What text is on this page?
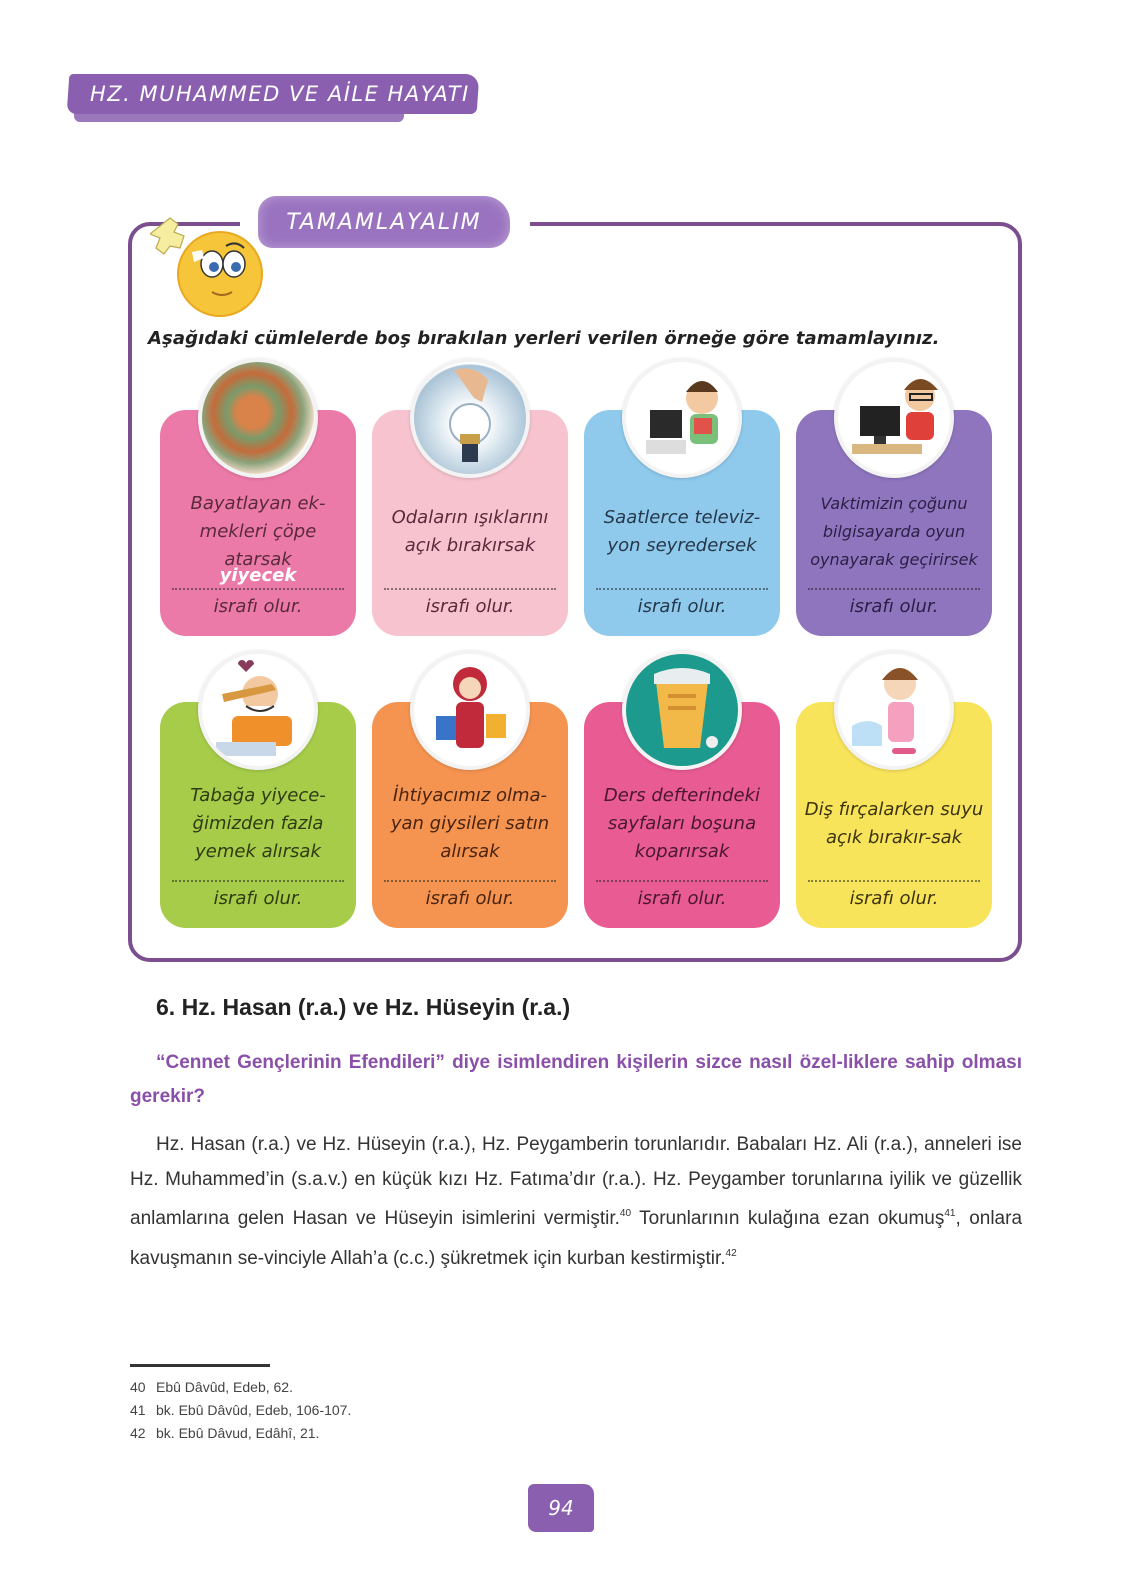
HZ. MUHAMMED VE AİLE HAYATI
TAMAMLAYALIM
Aşağıdaki cümlelerde boş bırakılan yerleri verilen örneğe göre tamamlayınız.
Bayatlayan ek-mekleri çöpe atarsak
yiyecek
israfı olur.
Odaların ışıklarını açık bırakırsak
israfı olur.
Saatlerce televiz-yon seyredersek
israfı olur.
Vaktimizin çoğunu bilgisayarda oyun oynayarak geçirirsek
israfı olur.
Tabağa yiyece-ğimizden fazla yemek alırsak
israfı olur.
İhtiyacımız olma-yan giysileri satın alırsak
israfı olur.
Ders defterindeki sayfaları boşuna koparırsak
israfı olur.
Diş fırçalarken suyu açık bırakır-sak
israfı olur.
6. Hz. Hasan (r.a.) ve Hz. Hüseyin (r.a.)
“Cennet Gençlerinin Efendileri” diye isimlendiren kişilerin sizce nasıl özel-liklere sahip olması gerekir?
Hz. Hasan (r.a.) ve Hz. Hüseyin (r.a.), Hz. Peygamberin torunlarıdır. Babaları Hz. Ali (r.a.), anneleri ise Hz. Muhammed’in (s.a.v.) en küçük kızı Hz. Fatıma’dır (r.a.). Hz. Peygamber torunlarına iyilik ve güzellik anlamlarına gelen Hasan ve Hüseyin isimlerini vermiştir.$^{40}$ Torunlarının kulağına ezan okumuş$^{41}$, onlara kavuşmanın se-vinciyle Allah’a (c.c.) şükretmek için kurban kestirmiştir.$^{42}$
40 Ebû Dâvûd, Edeb, 62.
41 bk. Ebû Dâvûd, Edeb, 106-107.
42 bk. Ebû Dâvud, Edâhî, 21.
94
